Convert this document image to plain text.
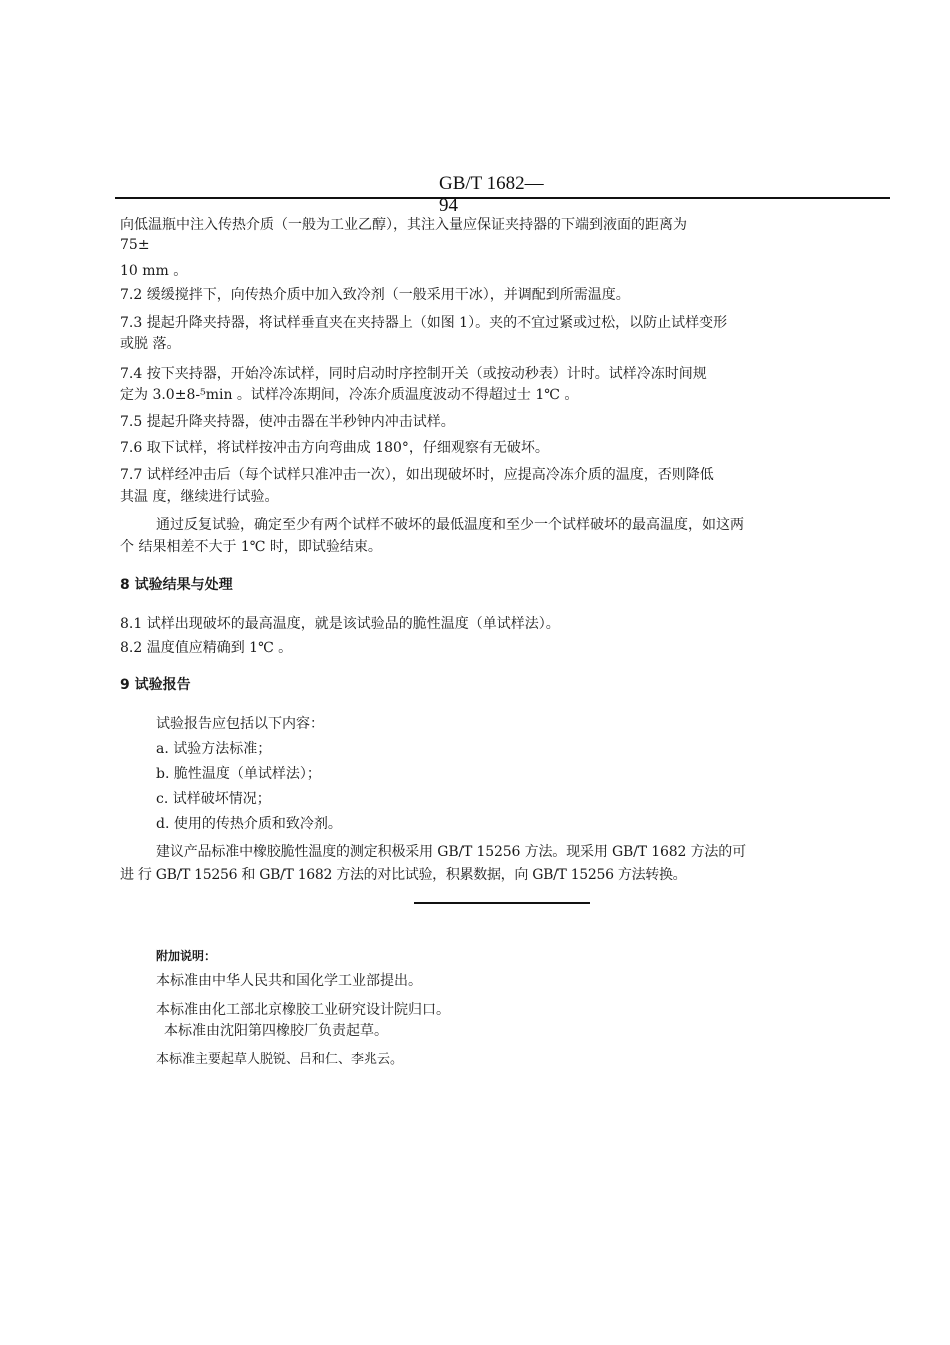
GB/T 1682—
94
向低温瓶中注入传热介质（一般为工业乙醇），其注入量应保证夹持器的下端到液面的距离为
75±
10 mm 。
7.2 缓缓搅拌下，向传热介质中加入致冷剂（一般采用干冰），并调配到所需温度。
7.3 提起升降夹持器，将试样垂直夹在夹持器上（如图 1）。夹的不宜过紧或过松，以防止试样变形
或脱 落。
7.4 按下夹持器，开始冷冻试样，同时启动时序控制开关（或按动秒表）计时。试样冷冻时间规
定为 3.0±8-⁵min 。试样冷冻期间，冷冻介质温度波动不得超过士 1℃ 。
7.5 提起升降夹持器，使冲击器在半秒钟内冲击试样。
7.6 取下试样，将试样按冲击方向弯曲成 180°，仔细观察有无破坏。
7.7 试样经冲击后（每个试样只准冲击一次），如出现破坏时，应提高冷冻介质的温度，否则降低
其温 度，继续进行试验。
通过反复试验，确定至少有两个试样不破坏的最低温度和至少一个试样破坏的最高温度，如这两
个 结果相差不大于 1℃ 时，即试验结束。
8 试验结果与处理
8.1 试样出现破坏的最高温度，就是该试验品的脆性温度（单试样法）。
8.2 温度值应精确到 1℃ 。
9 试验报告
试验报告应包括以下内容：
a. 试验方法标准；
b. 脆性温度（单试样法）；
c. 试样破坏情况；
d. 使用的传热介质和致冷剂。
建议产品标准中橡胶脆性温度的测定积极采用 GB/T 15256 方法。现采用 GB/T 1682 方法的可
进 行 GB/T 15256 和 GB/T 1682 方法的对比试验，积累数据，向 GB/T 15256 方法转换。
附加说明：
本标准由中华人民共和国化学工业部提出。
本标准由化工部北京橡胶工业研究设计院归口。
本标准由沈阳第四橡胶厂负责起草。
本标准主要起草人脱锐、吕和仁、李兆云。
